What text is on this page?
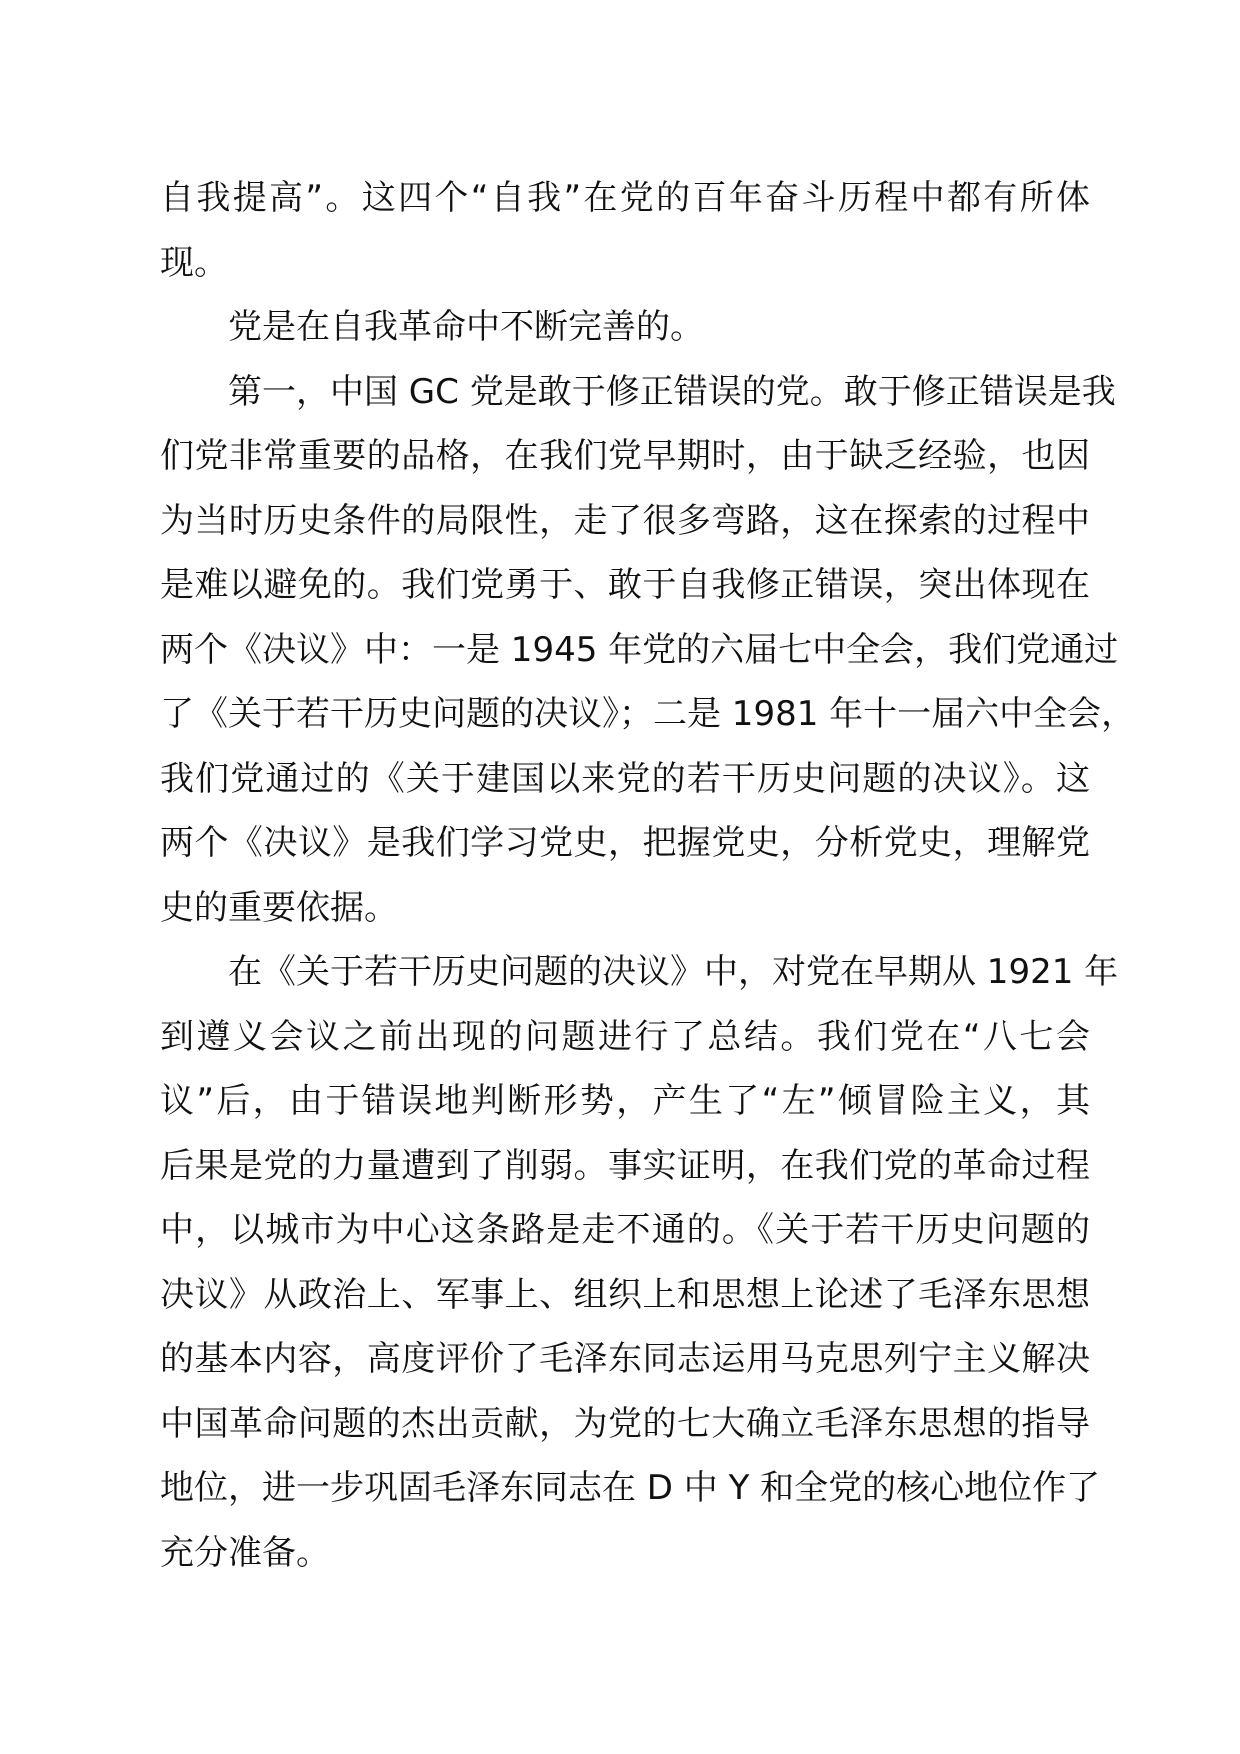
自我提高”。这四个“自我”在党的百年奋斗历程中都有所体
现。
党是在自我革命中不断完善的。
第一，中国 GC 党是敢于修正错误的党。敢于修正错误是我
们党非常重要的品格，在我们党早期时，由于缺乏经验，也因
为当时历史条件的局限性，走了很多弯路，这在探索的过程中
是难以避免的。我们党勇于、敢于自我修正错误，突出体现在
两个《决议》中：一是 1945 年党的六届七中全会，我们党通过
了《关于若干历史问题的决议》；二是 1981 年十一届六中全会，
我们党通过的《关于建国以来党的若干历史问题的决议》。这
两个《决议》是我们学习党史，把握党史，分析党史，理解党
史的重要依据。
在《关于若干历史问题的决议》中，对党在早期从 1921 年
到遵义会议之前出现的问题进行了总结。我们党在“八七会
议”后，由于错误地判断形势，产生了“左”倾冒险主义，其
后果是党的力量遭到了削弱。事实证明，在我们党的革命过程
中，以城市为中心这条路是走不通的。《关于若干历史问题的
决议》从政治上、军事上、组织上和思想上论述了毛泽东思想
的基本内容，高度评价了毛泽东同志运用马克思列宁主义解决
中国革命问题的杰出贡献，为党的七大确立毛泽东思想的指导
地位，进一步巩固毛泽东同志在 D 中 Y 和全党的核心地位作了
充分准备。
